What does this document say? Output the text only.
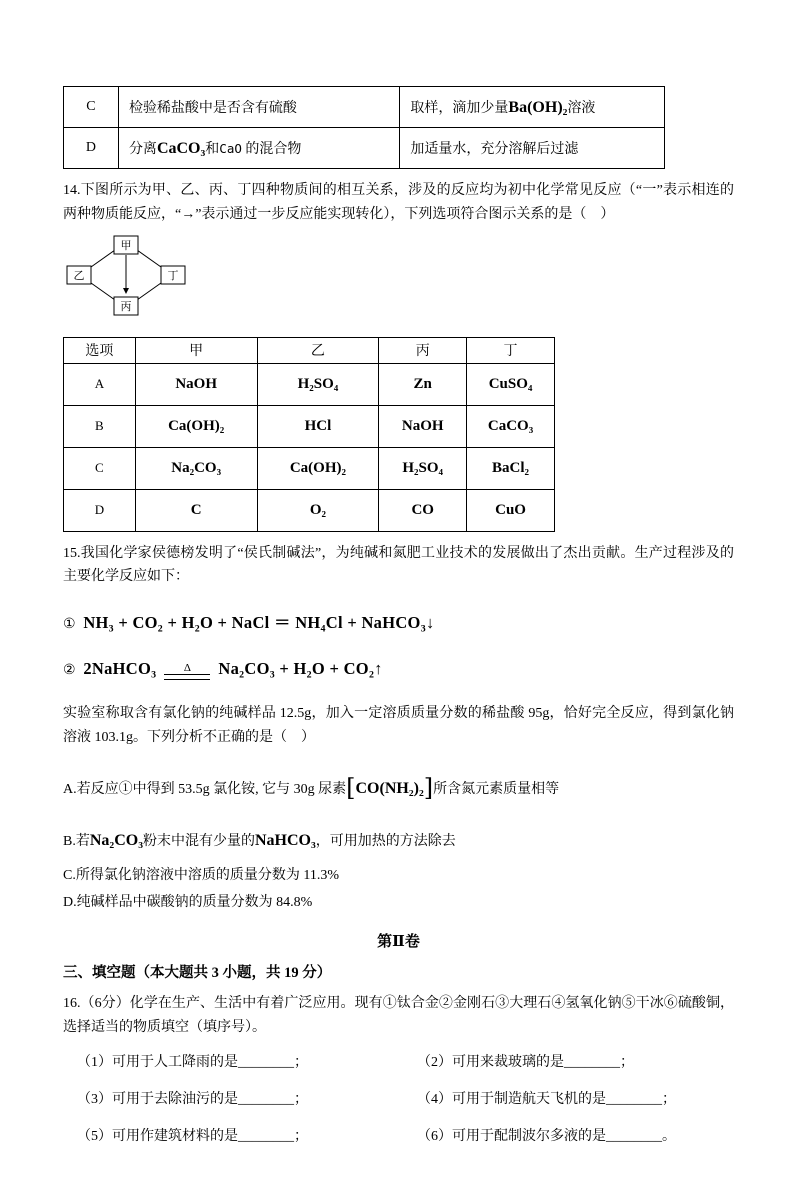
C	检验稀盐酸中是否含有硫酸	取样，滴加少量Ba(OH)₂溶液
D	分离CaCO₃和CaO 的混合物	加适量水，充分溶解后过滤

14.下图所示为甲、乙、丙、丁四种物质间的相互关系，涉及的反应均为初中化学常见反应（“一”表示相连的两种物质能反应，“→”表示通过一步反应能实现转化），下列选项符合图示关系的是（　）

甲
乙	丁
丙
选项	甲	乙	丙	丁
A	NaOH	H₂SO₄	Zn	CuSO₄
B	Ca(OH)₂	HCl	NaOH	CaCO₃
C	Na₂CO₃	Ca(OH)₂	H₂SO₄	BaCl₂
D	C	O₂	CO	CuO

15.我国化学家侯德榜发明了“侯氏制碱法”，为纯碱和氮肥工业技术的发展做出了杰出贡献。生产过程涉及的主要化学反应如下：

① NH₃ + CO₂ + H₂O + NaCl ＝ NH₄Cl + NaHCO₃↓
② 2NaHCO₃ Δ Na₂CO₃ + H₂O + CO₂↑

实验室称取含有氯化钠的纯碱样品 12.5g，加入一定溶质质量分数的稀盐酸 95g，恰好完全反应，得到氯化钠溶液 103.1g。下列分析不正确的是（　）

A.若反应①中得到 53.5g 氯化铵, 它与 30g 尿素[CO(NH₂)₂]所含氮元素质量相等

B.若Na₂CO₃粉末中混有少量的NaHCO₃，可用加热的方法除去

C.所得氯化钠溶液中溶质的质量分数为 11.3%

D.纯碱样品中碳酸钠的质量分数为 84.8%

第Ⅱ卷
三、填空题（本大题共 3 小题，共 19 分）

16.（6分）化学在生产、生活中有着广泛应用。现有①钛合金②金刚石③大理石④氢氧化钠⑤干冰⑥硫酸铜，选择适当的物质填空（填序号）。

（1）可用于人工降雨的是________；	（2）可用来裁玻璃的是________；
（3）可用于去除油污的是________；	（4）可用于制造航天飞机的是________；
（5）可用作建筑材料的是________；	（6）可用于配制波尔多液的是________。
